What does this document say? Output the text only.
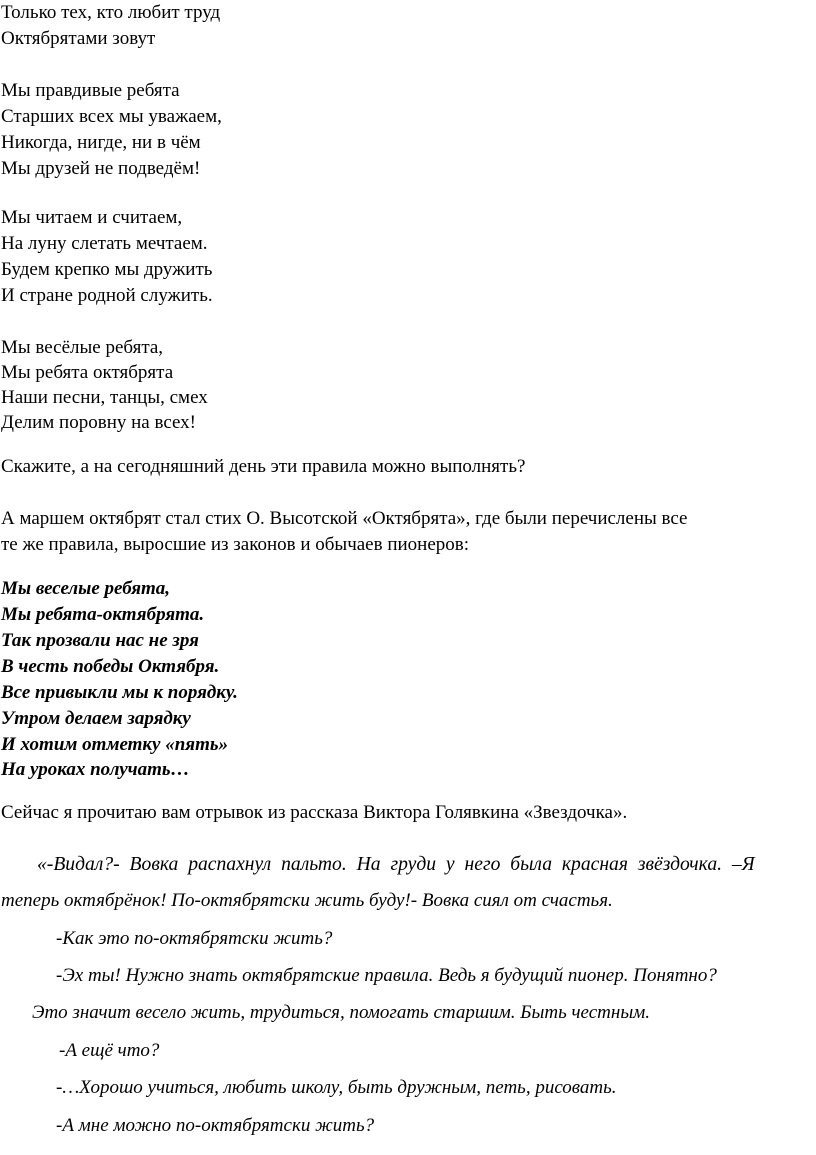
Только тех, кто любит труд
Октябрятами зовут
Мы правдивые ребята
Старших всех мы уважаем,
Никогда, нигде, ни в чём
Мы друзей не подведём!
Мы читаем и считаем,
На луну слетать мечтаем.
Будем крепко мы дружить
И стране родной служить.
Мы весёлые ребята,
Мы ребята октябрята
Наши песни, танцы, смех
Делим поровну на всех!
Скажите, а на сегодняшний день эти правила можно выполнять?
А маршем октябрят стал стих О. Высотской «Октябрята», где были перечислены все
те же правила, выросшие из законов и обычаев пионеров:
Мы веселые ребята,
Мы ребята-октябрята.
Так прозвали нас не зря
В честь победы Октября.
Все привыкли мы к порядку.
Утром делаем зарядку
И хотим отметку «пять»
На уроках получать…
Сейчас я прочитаю вам отрывок из рассказа Виктора Голявкина «Звездочка».
«-Видал?- Вовка распахнул пальто. На груди у него была красная звёздочка. –Я
теперь октябрёнок! По-октябрятски жить буду!- Вовка сиял от счастья.
-Как это по-октябрятски жить?
-Эх ты! Нужно знать октябрятские правила. Ведь я будущий пионер. Понятно?
Это значит весело жить, трудиться, помогать старшим. Быть честным.
-А ещё что?
-…Хорошо учиться, любить школу, быть дружным, петь, рисовать.
-А мне можно по-октябрятски жить?
